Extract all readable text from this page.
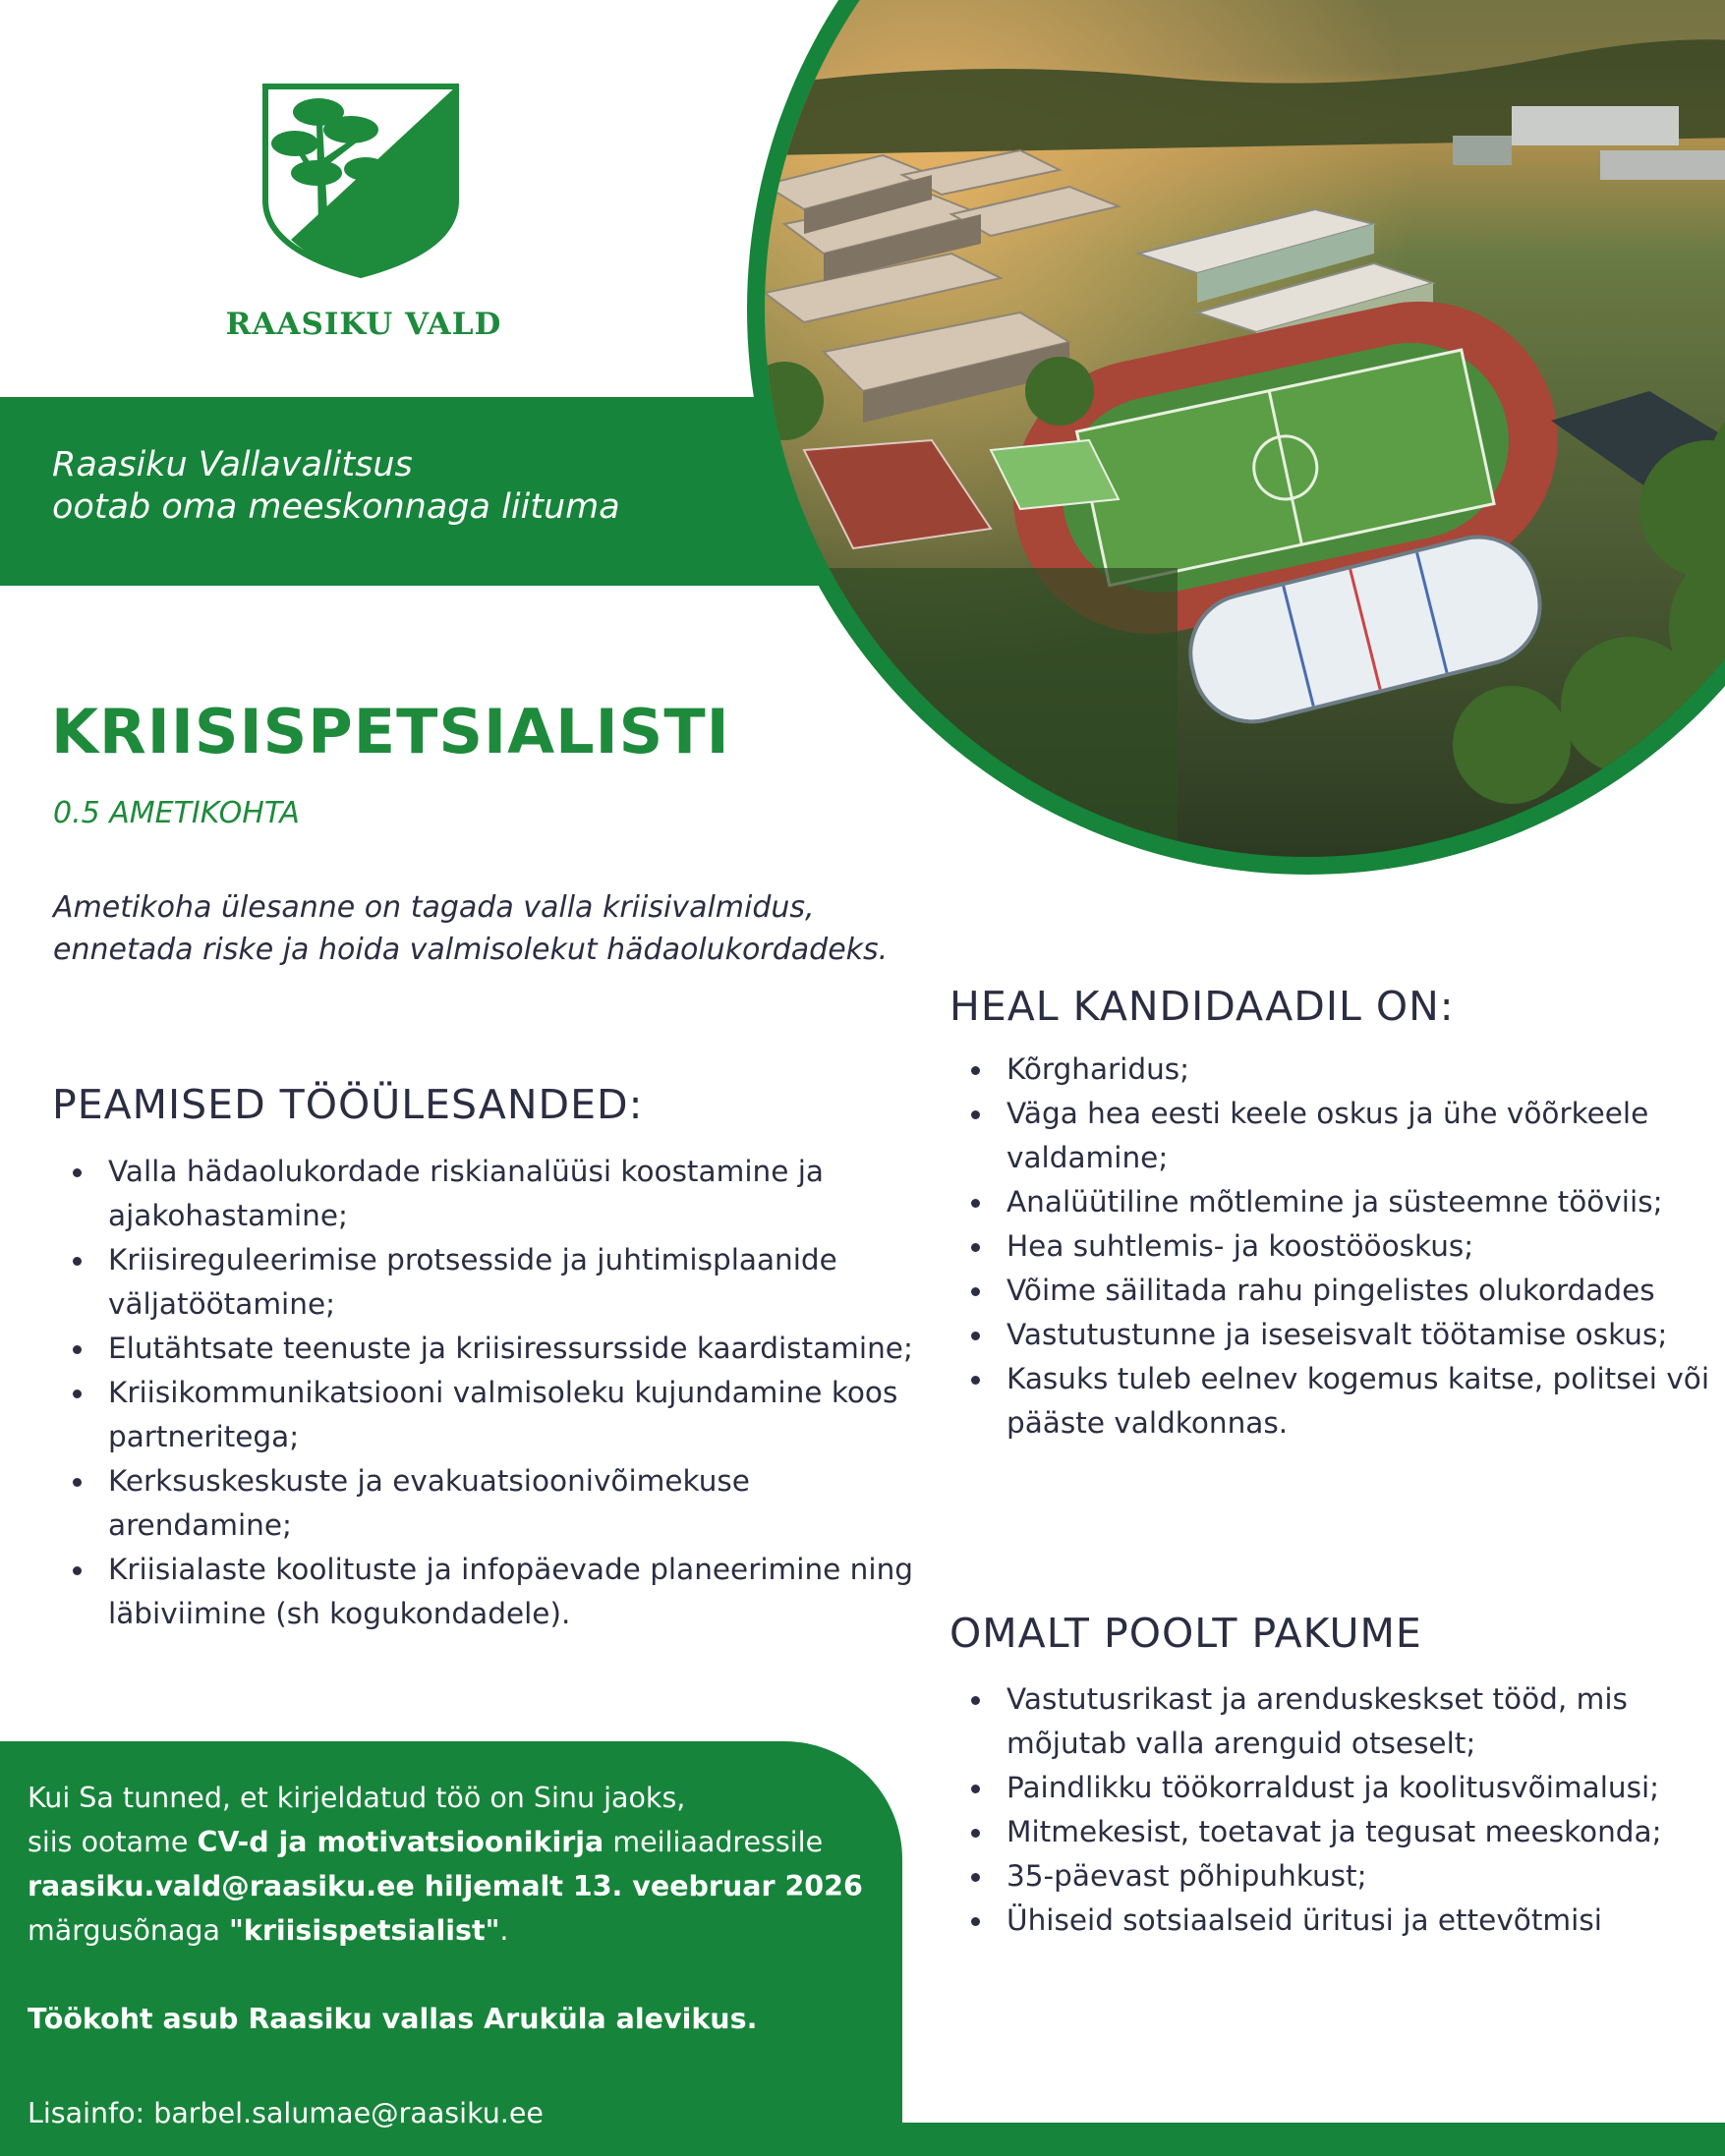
RAASIKU VALD
Raasiku Vallavalitsus
ootab oma meeskonnaga liituma
KRIISISPETSIALISTI
0.5 AMETIKOHTA
Ametikoha ülesanne on tagada valla kriisivalmidus, ennetada riske ja hoida valmisolekut hädaolukordadeks.
PEAMISED TÖÖÜLESANDED:
Valla hädaolukordade riskianalüüsi koostamine ja ajakohastamine;
Kriisireguleerimise protsesside ja juhtimisplaanide väljatöötamine;
Elutähtsate teenuste ja kriisiressursside kaardistamine;
Kriisikommunikatsiooni valmisoleku kujundamine koos partneritega;
Kerksuskeskuste ja evakuatsioonivõimekuse arendamine;
Kriisialaste koolituste ja infopäevade planeerimine ning läbiviimine (sh kogukondadele).
HEAL KANDIDAADIL ON:
Kõrgharidus;
Väga hea eesti keele oskus ja ühe võõrkeele valdamine;
Analüütiline mõtlemine ja süsteemne tööviis;
Hea suhtlemis- ja koostööoskus;
Võime säilitada rahu pingelistes olukordades
Vastutustunne ja iseseisvalt töötamise oskus;
Kasuks tuleb eelnev kogemus kaitse, politsei või pääste valdkonnas.
OMALT POOLT PAKUME
Vastutusrikast ja arenduskeskset tööd, mis mõjutab valla arenguid otseselt;
Paindlikku töökorraldust ja koolitusvõimalusi;
Mitmekesist, toetavat ja tegusat meeskonda;
35-päevast põhipuhkust;
Ühiseid sotsiaalseid üritusi ja ettevõtmisi

Kui Sa tunned, et kirjeldatud töö on Sinu jaoks,

siis ootame CV-d ja motivatsioonikirja meiliaadressile

raasiku.vald@raasiku.ee hiljemalt 13. veebruar 2026

märgusõnaga "kriisispetsialist".

Töökoht asub Raasiku vallas Aruküla alevikus.

Lisainfo: barbel.salumae@raasiku.ee
